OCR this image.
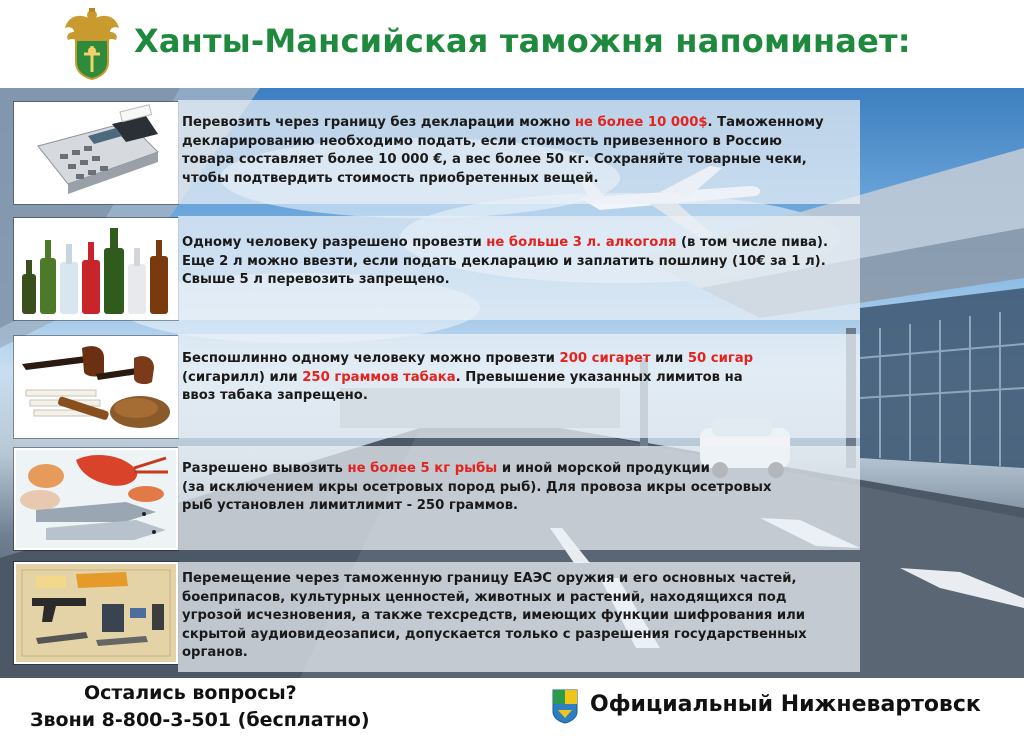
Ханты-Мансийская таможня напоминает:

Перевозить через границу без декларации можно не более 10 000$. Таможенному
декларированию необходимо подать, если стоимость привезенного в Россию
товара составляет более 10 000 €, а вес более 50 кг. Сохраняйте товарные чеки,
чтобы подтвердить стоимость приобретенных вещей.

Одному человеку разрешено провезти не больше 3 л. алкоголя (в том числе пива).
Еще 2 л можно ввезти, если подать декларацию и заплатить пошлину (10€ за 1 л).
Свыше 5 л перевозить запрещено.

Беспошлинно одному человеку можно провезти 200 сигарет или 50 сигар
(сигарилл) или 250 граммов табака. Превышение указанных лимитов на
ввоз табака запрещено.

Разрешено вывозить не более 5 кг рыбы и иной морской продукции
(за исключением икры осетровых пород рыб). Для провоза икры осетровых
рыб установлен лимитлимит - 250 граммов.

Перемещение через таможенную границу ЕАЭС оружия и его основных частей,
боеприпасов, культурных ценностей, животных и растений, находящихся под
угрозой исчезновения, а также техсредств, имеющих функции шифрования или
скрытой аудиовидеозаписи, допускается только с разрешения государственных
органов.

Остались вопросы?
Звони 8-800-3-501 (бесплатно)
Официальный Нижневартовск
